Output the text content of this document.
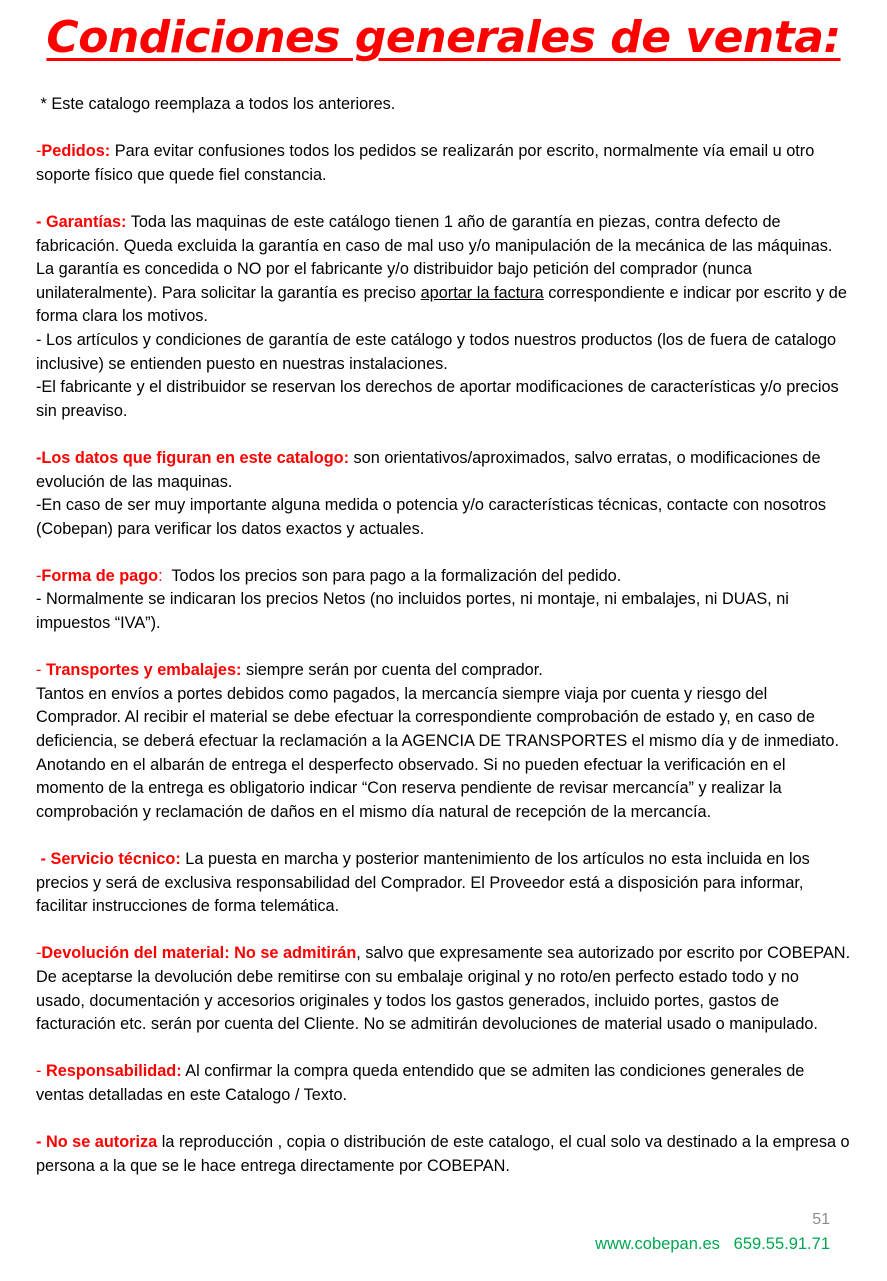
Condiciones generales de venta:

* Este catalogo reemplaza a todos los anteriores.

-Pedidos: Para evitar confusiones todos los pedidos se realizarán por escrito, normalmente vía email u otro soporte físico que quede fiel constancia.

- Garantías: Toda las maquinas de este catálogo tienen 1 año de garantía en piezas, contra defecto de fabricación. Queda excluida la garantía en caso de mal uso y/o manipulación de la mecánica de las máquinas. La garantía es concedida o NO por el fabricante y/o distribuidor bajo petición del comprador (nunca unilateralmente). Para solicitar la garantía es preciso aportar la factura correspondiente e indicar por escrito y de forma clara los motivos.

- Los artículos y condiciones de garantía de este catálogo y todos nuestros productos (los de fuera de catalogo inclusive) se entienden puesto en nuestras instalaciones.

-El fabricante y el distribuidor se reservan los derechos de aportar modificaciones de características y/o precios sin preaviso.

-Los datos que figuran en este catalogo: son orientativos/aproximados, salvo erratas, o modificaciones de evolución de las maquinas.

-En caso de ser muy importante alguna medida o potencia y/o características técnicas, contacte con nosotros (Cobepan) para verificar los datos exactos y actuales.

-Forma de pago:  Todos los precios son para pago a la formalización del pedido.

- Normalmente se indicaran los precios Netos (no incluidos portes, ni montaje, ni embalajes, ni DUAS, ni impuestos “IVA”).

- Transportes y embalajes: siempre serán por cuenta del comprador.

Tantos en envíos a portes debidos como pagados, la mercancía siempre viaja por cuenta y riesgo del Comprador. Al recibir el material se debe efectuar la correspondiente comprobación de estado y, en caso de deficiencia, se deberá efectuar la reclamación a la AGENCIA DE TRANSPORTES el mismo día y de inmediato. Anotando en el albarán de entrega el desperfecto observado. Si no pueden efectuar la verificación en el momento de la entrega es obligatorio indicar “Con reserva pendiente de revisar mercancía” y realizar la comprobación y reclamación de daños en el mismo día natural de recepción de la mercancía.

- Servicio técnico: La puesta en marcha y posterior mantenimiento de los artículos no esta incluida en los precios y será de exclusiva responsabilidad del Comprador. El Proveedor está a disposición para informar, facilitar instrucciones de forma telemática.

-Devolución del material: No se admitirán, salvo que expresamente sea autorizado por escrito por COBEPAN. De aceptarse la devolución debe remitirse con su embalaje original y no roto/en perfecto estado todo y no usado, documentación y accesorios originales y todos los gastos generados, incluido portes, gastos de facturación etc. serán por cuenta del Cliente. No se admitirán devoluciones de material usado o manipulado.

- Responsabilidad: Al confirmar la compra queda entendido que se admiten las condiciones generales de ventas detalladas en este Catalogo / Texto.

- No se autoriza la reproducción , copia o distribución de este catalogo, el cual solo va destinado a la empresa o persona a la que se le hace entrega directamente por COBEPAN.

51
www.cobepan.es 659.55.91.71
